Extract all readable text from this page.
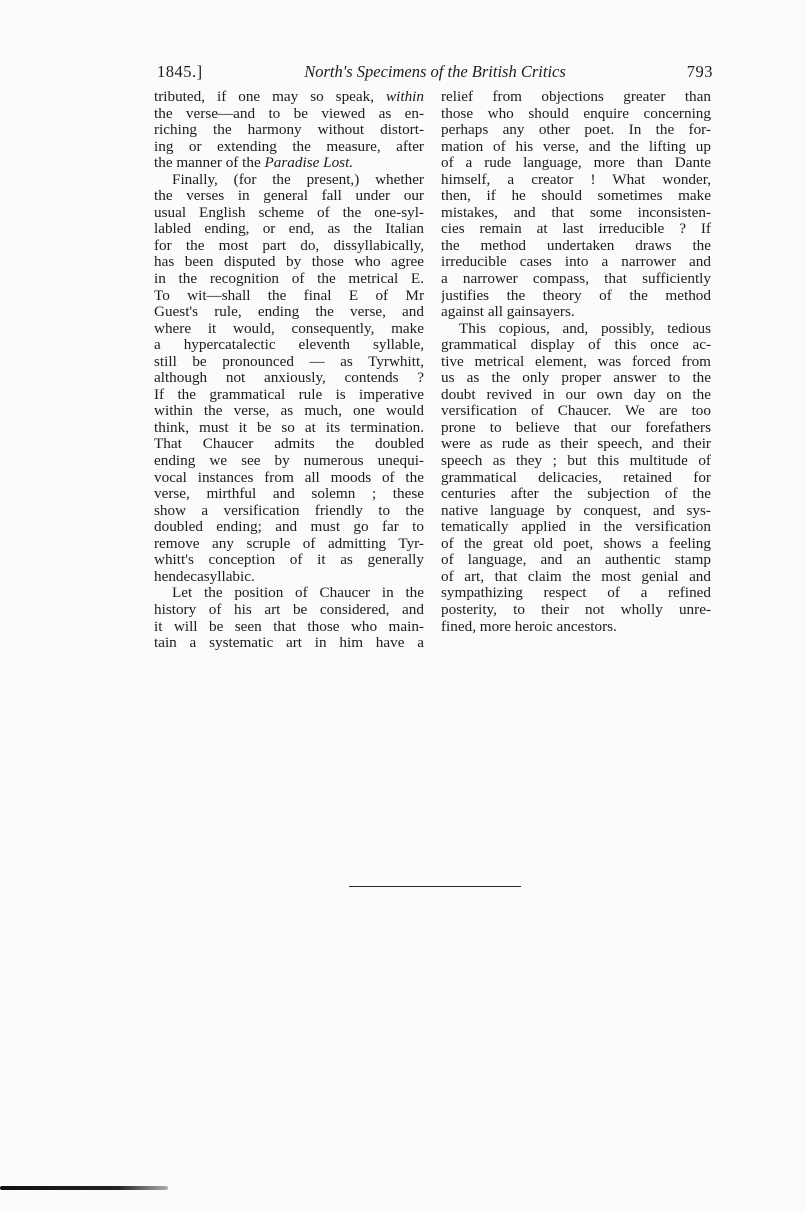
1845.]	North's Specimens of the British Critics	793
tributed, if one may so speak, within
the verse—and to be viewed as en-
riching the harmony without distort-
ing or extending the measure, after
the manner of the Paradise Lost.
Finally, (for the present,) whether
the verses in general fall under our
usual English scheme of the one-syl-
labled ending, or end, as the Italian
for the most part do, dissyllabically,
has been disputed by those who agree
in the recognition of the metrical E.
To wit—shall the final E of Mr
Guest's rule, ending the verse, and
where it would, consequently, make
a hypercatalectic eleventh syllable,
still be pronounced — as Tyrwhitt,
although not anxiously, contends ?
If the grammatical rule is imperative
within the verse, as much, one would
think, must it be so at its termination.
That Chaucer admits the doubled
ending we see by numerous unequi-
vocal instances from all moods of the
verse, mirthful and solemn ; these
show a versification friendly to the
doubled ending; and must go far to
remove any scruple of admitting Tyr-
whitt's conception of it as generally
hendecasyllabic.
Let the position of Chaucer in the
history of his art be considered, and
it will be seen that those who main-
tain a systematic art in him have a
relief from objections greater than
those who should enquire concerning
perhaps any other poet. In the for-
mation of his verse, and the lifting up
of a rude language, more than Dante
himself, a creator ! What wonder,
then, if he should sometimes make
mistakes, and that some inconsisten-
cies remain at last irreducible ? If
the method undertaken draws the
irreducible cases into a narrower and
a narrower compass, that sufficiently
justifies the theory of the method
against all gainsayers.
This copious, and, possibly, tedious
grammatical display of this once ac-
tive metrical element, was forced from
us as the only proper answer to the
doubt revived in our own day on the
versification of Chaucer. We are too
prone to believe that our forefathers
were as rude as their speech, and their
speech as they ; but this multitude of
grammatical delicacies, retained for
centuries after the subjection of the
native language by conquest, and sys-
tematically applied in the versification
of the great old poet, shows a feeling
of language, and an authentic stamp
of art, that claim the most genial and
sympathizing respect of a refined
posterity, to their not wholly unre-
fined, more heroic ancestors.
